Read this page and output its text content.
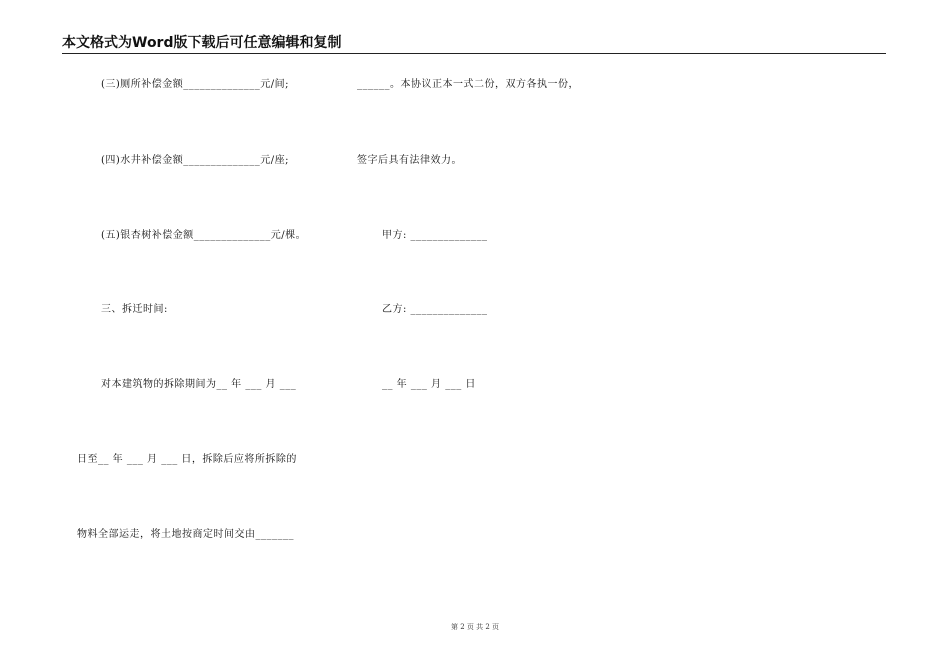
本文格式为Word版下载后可任意编辑和复制
(三)厕所补偿金额______________元/间;
(四)水井补偿金额______________元/座;
(五)银杏树补偿金额______________元/棵。
三、拆迁时间:
对本建筑物的拆除期间为__ 年 ___ 月 ___
日至__ 年 ___ 月 ___ 日，拆除后应将所拆除的
物料全部运走，将土地按商定时间交由_______
______。本协议正本一式二份，双方各执一份，
签字后具有法律效力。
甲方: ______________
乙方: ______________
__ 年 ___ 月 ___ 日
第 2 页 共 2 页
